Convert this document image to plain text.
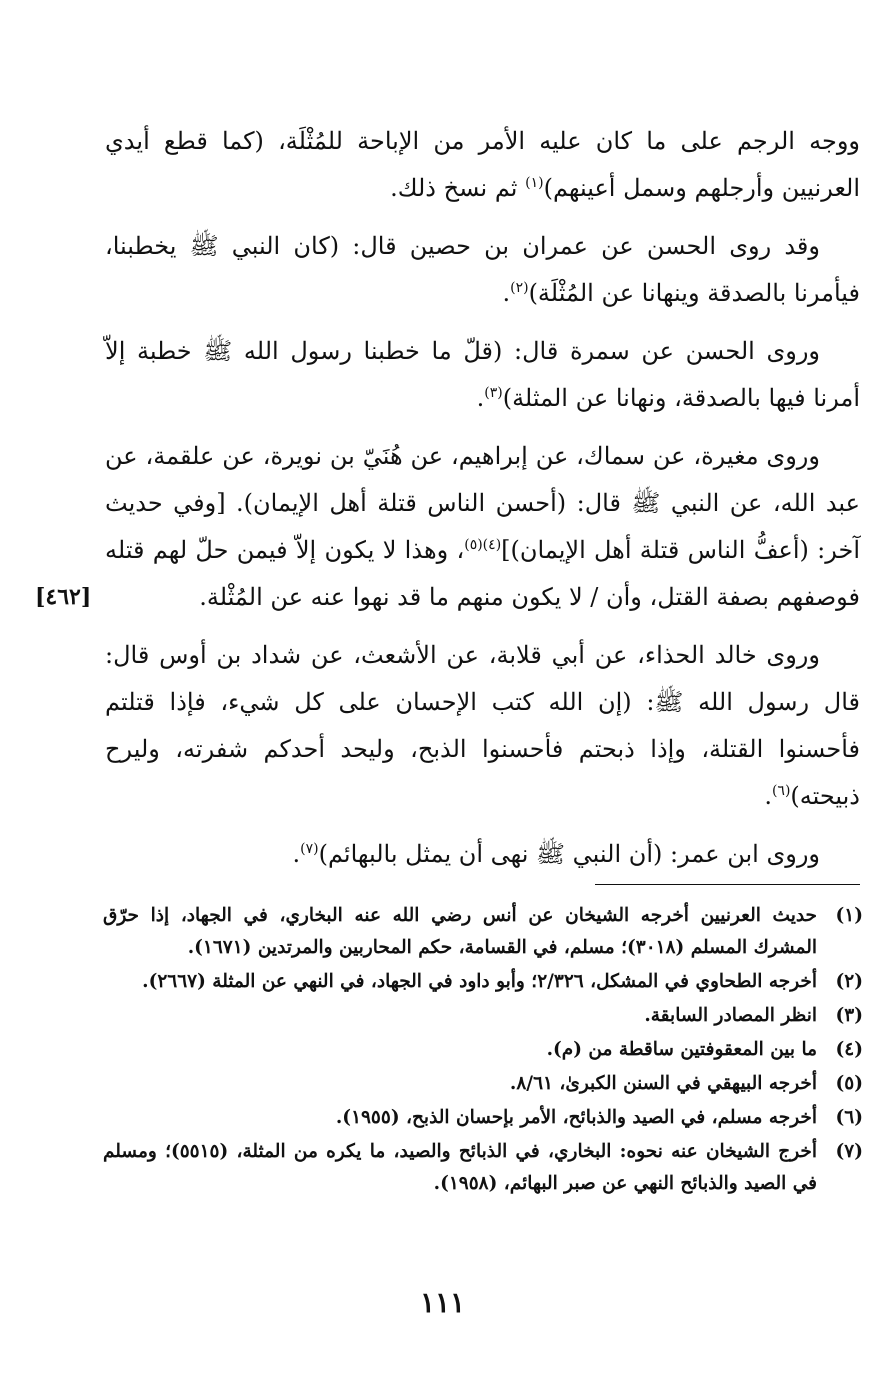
ووجه الرجم على ما كان عليه الأمر من الإباحة للمُثْلَة، (كما قطع أيدي العرنيين وأرجلهم وسمل أعينهم)$^{(١)}$ ثم نسخ ذلك.

وقد روى الحسن عن عمران بن حصين قال: (كان النبي ﷺ يخطبنا، فيأمرنا بالصدقة وينهانا عن المُثْلَة)$^{(٢)}$.

وروى الحسن عن سمرة قال: (قلّ ما خطبنا رسول الله ﷺ خطبة إلاّ أمرنا فيها بالصدقة، ونهانا عن المثلة)$^{(٣)}$.

وروى مغيرة، عن سماك، عن إبراهيم، عن هُنَيّ بن نويرة، عن علقمة، عن عبد الله، عن النبي ﷺ قال: (أحسن الناس قتلة أهل الإيمان). [وفي حديث آخر: (أعفُّ الناس قتلة أهل الإيمان)]$^{(٤)(٥)}$، وهذا لا يكون إلاّ فيمن حلّ لهم قتله فوصفهم بصفة القتل، وأن / لا يكون منهم ما قد نهوا عنه عن المُثْلة.
[٤٦٢]

وروى خالد الحذاء، عن أبي قلابة، عن الأشعث، عن شداد بن أوس قال: قال رسول الله ﷺ: (إن الله كتب الإحسان على كل شيء، فإذا قتلتم فأحسنوا القتلة، وإذا ذبحتم فأحسنوا الذبح، وليحد أحدكم شفرته، وليرح ذبيحته)$^{(٦)}$.

وروى ابن عمر: (أن النبي ﷺ نهى أن يمثل بالبهائم)$^{(٧)}$.

(١)
حديث العرنيين أخرجه الشيخان عن أنس رضي الله عنه البخاري، في الجهاد، إذا حرّق المشرك المسلم (٣٠١٨)؛ مسلم، في القسامة، حكم المحاربين والمرتدين (١٦٧١).
(٢)
أخرجه الطحاوي في المشكل، ٢/٣٢٦؛ وأبو داود في الجهاد، في النهي عن المثلة (٢٦٦٧).
(٣)
انظر المصادر السابقة.
(٤)
ما بين المعقوفتين ساقطة من (م).
(٥)
أخرجه البيهقي في السنن الكبرىٰ، ٨/٦١.
(٦)
أخرجه مسلم، في الصيد والذبائح، الأمر بإحسان الذبح، (١٩٥٥).
(٧)
أخرج الشيخان عنه نحوه: البخاري، في الذبائح والصيد، ما يكره من المثلة، (٥٥١٥)؛ ومسلم في الصيد والذبائح النهي عن صبر البهائم، (١٩٥٨).
١١١
